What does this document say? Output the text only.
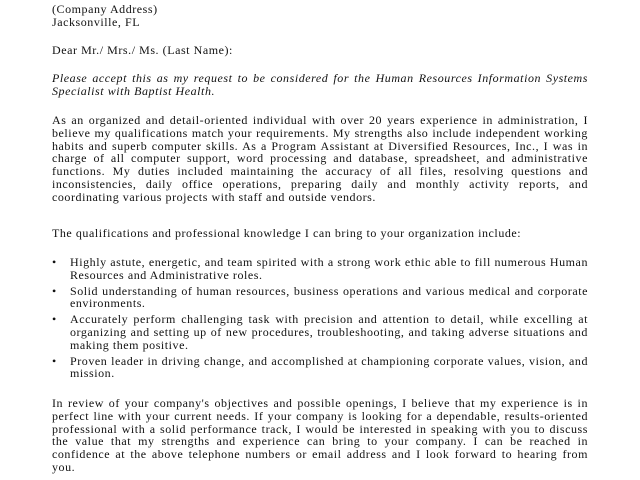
(Company Address)
Jacksonville, FL

Dear Mr./ Mrs./ Ms. (Last Name):

Please accept this as my request to be considered for the Human Resources Information Systems Specialist with Baptist Health.

As an organized and detail-oriented individual with over 20 years experience in administration, I believe my qualifications match your requirements. My strengths also include independent working habits and superb computer skills. As a Program Assistant at Diversified Resources, Inc., I was in charge of all computer support, word processing and database, spreadsheet, and administrative functions. My duties included maintaining the accuracy of all files, resolving questions and inconsistencies, daily office operations, preparing daily and monthly activity reports, and coordinating various projects with staff and outside vendors.

The qualifications and professional knowledge I can bring to your organization include:

• Highly astute, energetic, and team spirited with a strong work ethic able to fill numerous Human Resources and Administrative roles.
• Solid understanding of human resources, business operations and various medical and corporate environments.
• Accurately perform challenging task with precision and attention to detail, while excelling at organizing and setting up of new procedures, troubleshooting, and taking adverse situations and making them positive.
• Proven leader in driving change, and accomplished at championing corporate values, vision, and mission.

In review of your company's objectives and possible openings, I believe that my experience is in perfect line with your current needs. If your company is looking for a dependable, results-oriented professional with a solid performance track, I would be interested in speaking with you to discuss the value that my strengths and experience can bring to your company. I can be reached in confidence at the above telephone numbers or email address and I look forward to hearing from you.
